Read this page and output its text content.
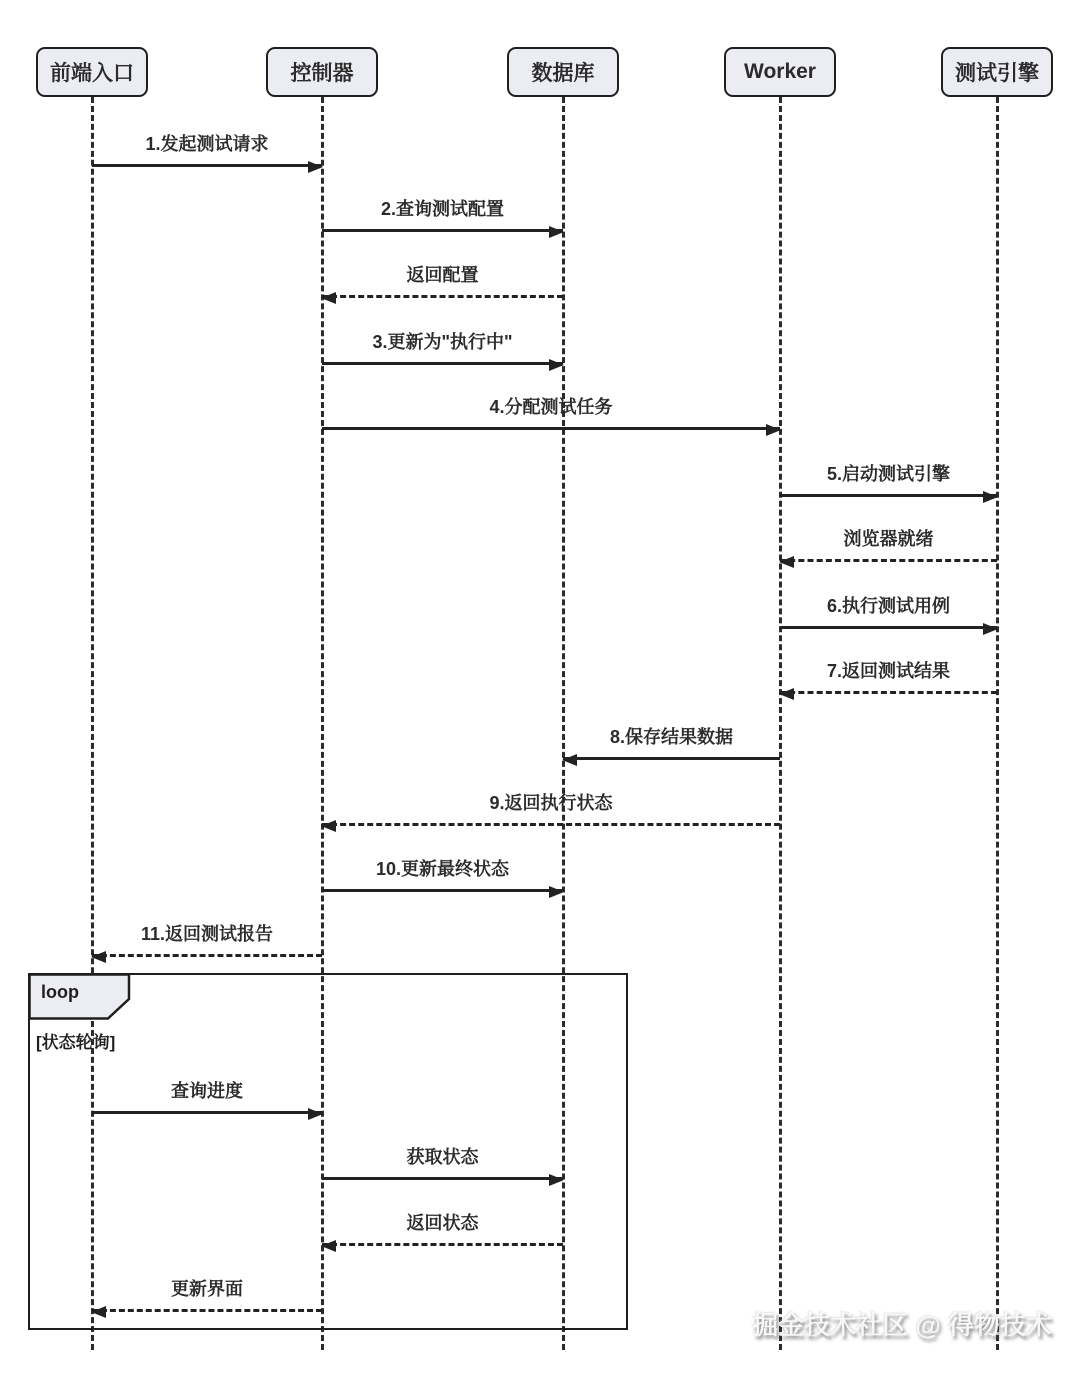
前端入口	控制器	数据库	Worker	测试引擎
loop
[状态轮询]
1.发起测试请求
2.查询测试配置
返回配置
3.更新为"执行中"
4.分配测试任务
5.启动测试引擎
浏览器就绪
6.执行测试用例
7.返回测试结果
8.保存结果数据
9.返回执行状态
10.更新最终状态
11.返回测试报告
查询进度
获取状态
返回状态
更新界面
掘金技术社区 @ 得物技术
